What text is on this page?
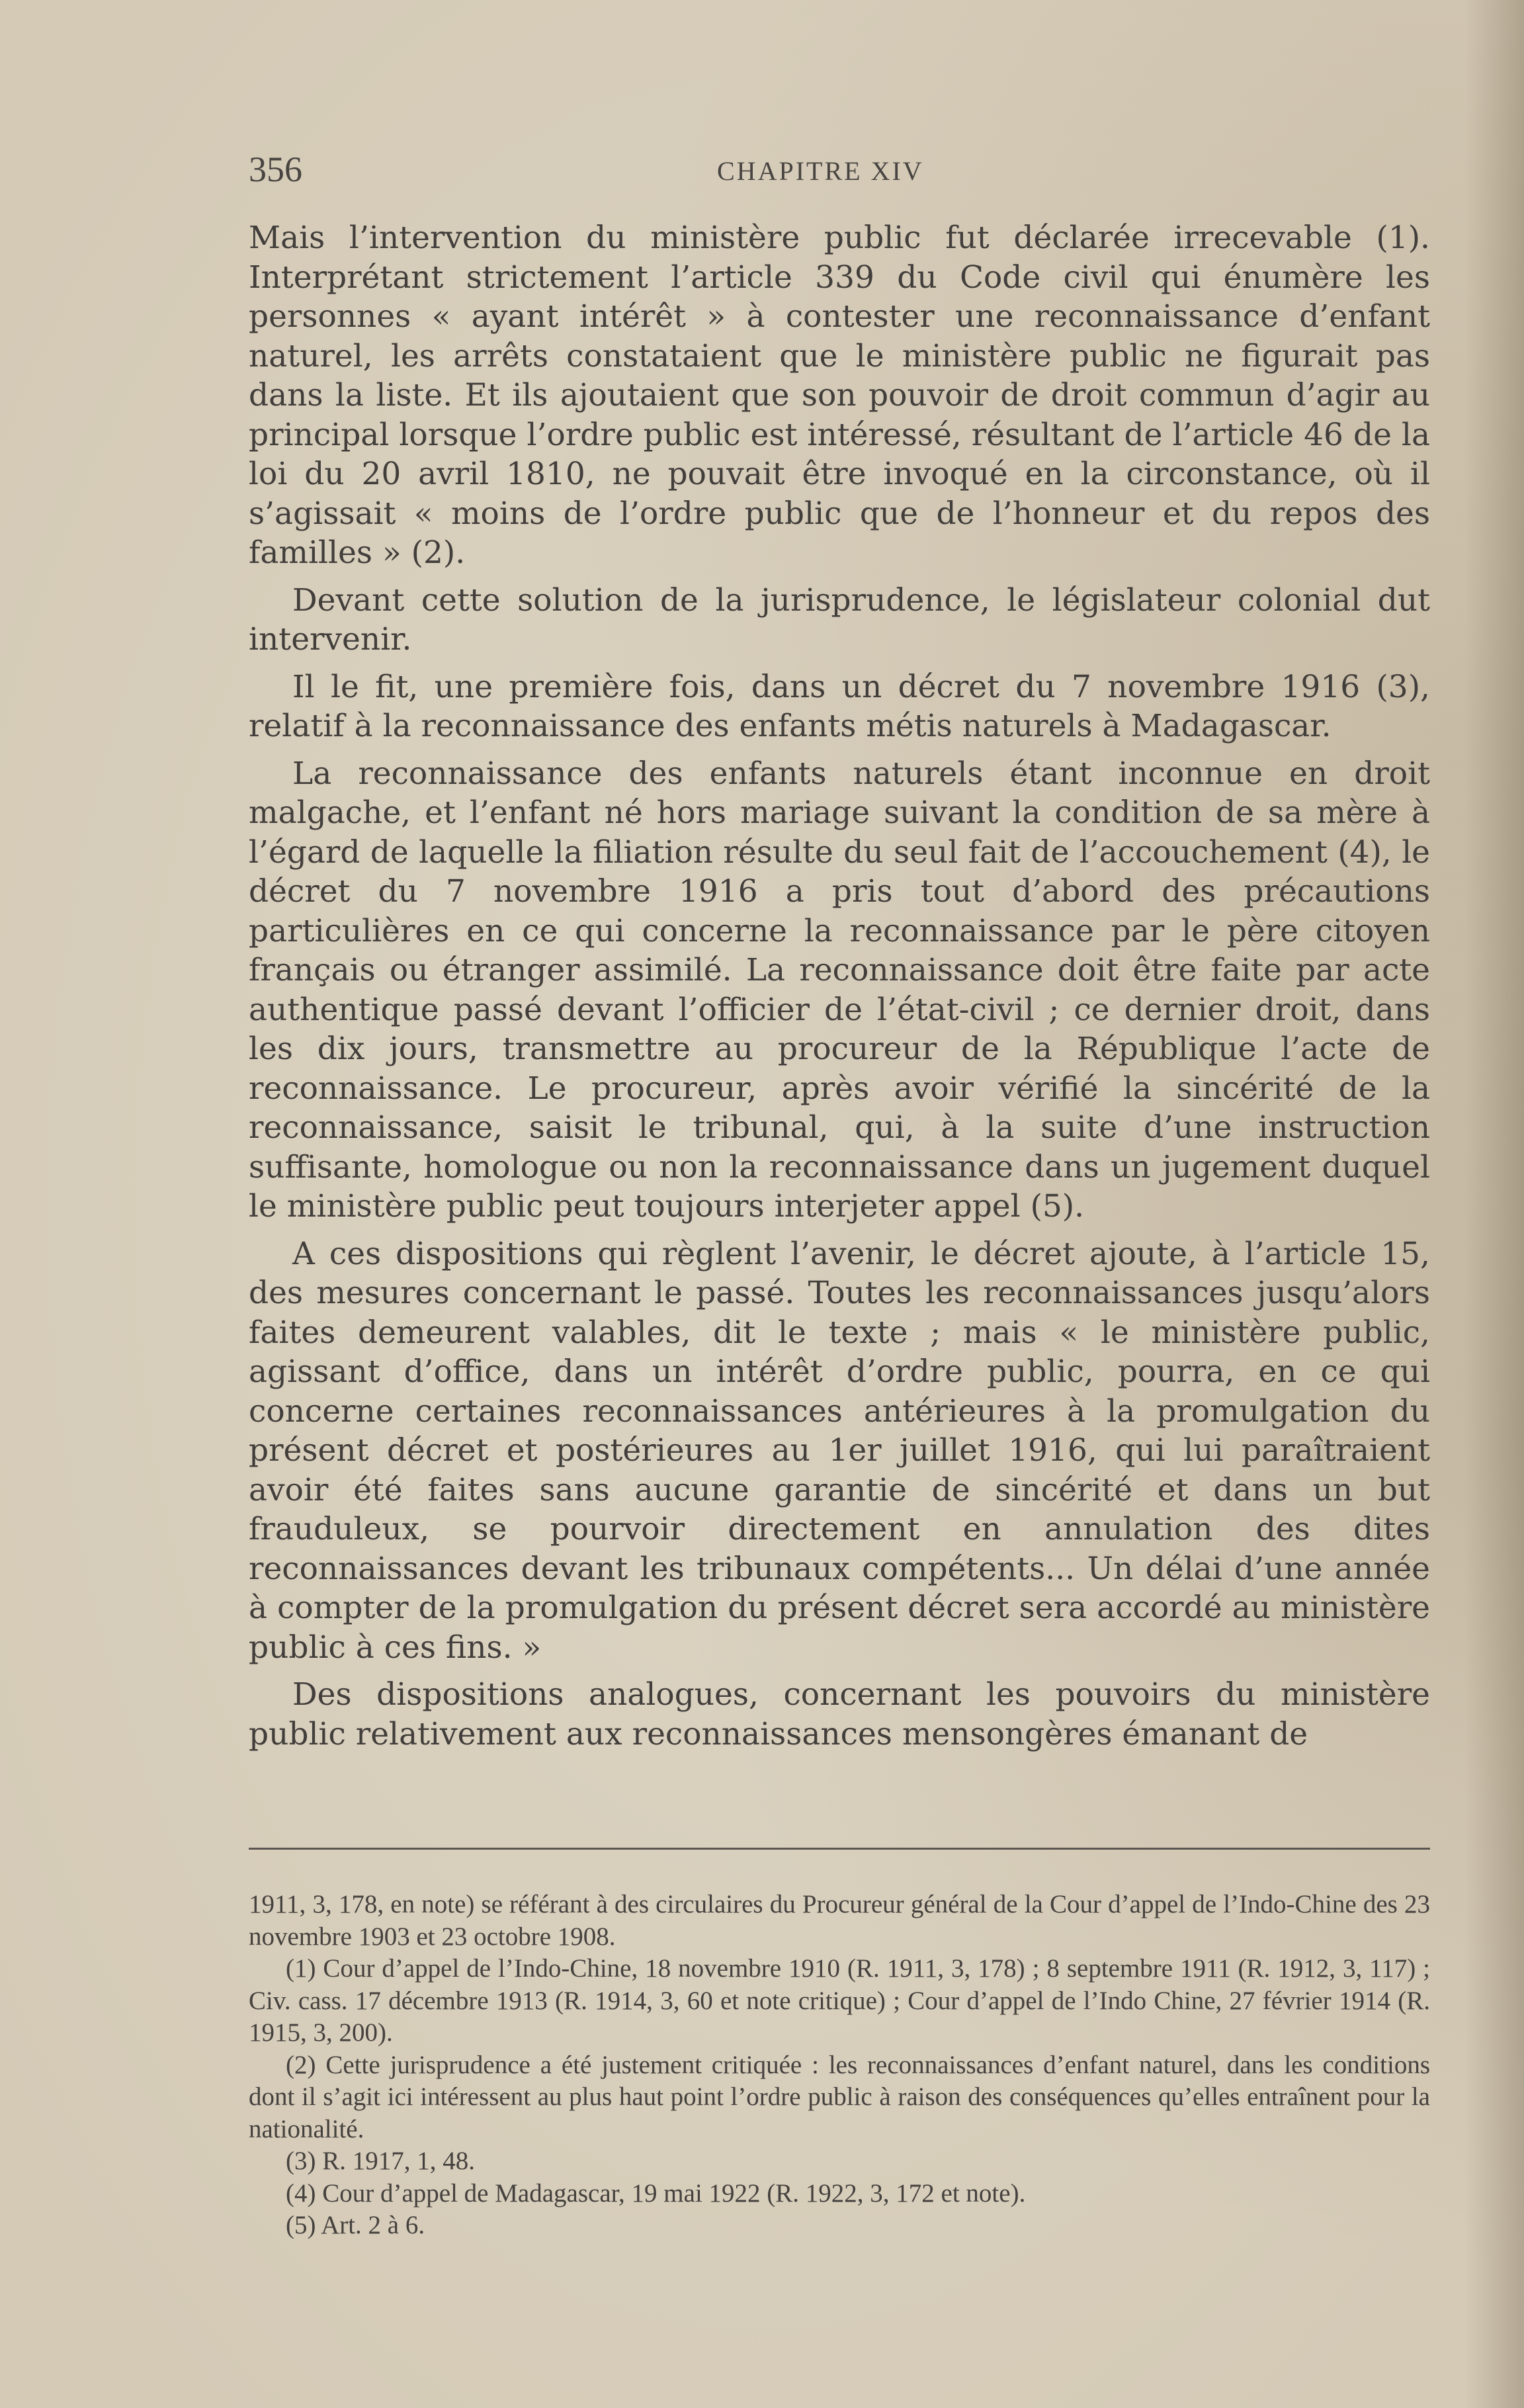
356	CHAPITRE XIV

Mais l’intervention du ministère public fut déclarée irrecevable (1). Interprétant strictement l’article 339 du Code civil qui énumère les personnes « ayant intérêt » à contester une reconnaissance d’enfant naturel, les arrêts constataient que le ministère public ne figurait pas dans la liste. Et ils ajoutaient que son pouvoir de droit commun d’agir au principal lorsque l’ordre public est intéressé, résultant de l’article 46 de la loi du 20 avril 1810, ne pouvait être invoqué en la circonstance, où il s’agissait « moins de l’ordre public que de l’honneur et du repos des familles » (2).

Devant cette solution de la jurisprudence, le législateur colonial dut intervenir.

Il le fit, une première fois, dans un décret du 7 novembre 1916 (3), relatif à la reconnaissance des enfants métis naturels à Madagascar.

La reconnaissance des enfants naturels étant inconnue en droit malgache, et l’enfant né hors mariage suivant la condition de sa mère à l’égard de laquelle la filiation résulte du seul fait de l’accouchement (4), le décret du 7 novembre 1916 a pris tout d’abord des précautions particulières en ce qui concerne la reconnaissance par le père citoyen français ou étranger assimilé. La reconnaissance doit être faite par acte authentique passé devant l’officier de l’état-civil ; ce dernier droit, dans les dix jours, transmettre au procureur de la République l’acte de reconnaissance. Le procureur, après avoir vérifié la sincérité de la reconnaissance, saisit le tribunal, qui, à la suite d’une instruction suffisante, homologue ou non la reconnaissance dans un jugement duquel le ministère public peut toujours interjeter appel (5).

A ces dispositions qui règlent l’avenir, le décret ajoute, à l’article 15, des mesures concernant le passé. Toutes les reconnaissances jusqu’alors faites demeurent valables, dit le texte ; mais « le ministère public, agissant d’office, dans un intérêt d’ordre public, pourra, en ce qui concerne certaines reconnaissances antérieures à la promulgation du présent décret et postérieures au 1er juillet 1916, qui lui paraîtraient avoir été faites sans aucune garantie de sincérité et dans un but frauduleux, se pourvoir directement en annulation des dites reconnaissances devant les tribunaux compétents... Un délai d’une année à compter de la promulgation du présent décret sera accordé au ministère public à ces fins. »

Des dispositions analogues, concernant les pouvoirs du ministère public relativement aux reconnaissances mensongères émanant de

1911, 3, 178, en note) se référant à des circulaires du Procureur général de la Cour d’appel de l’Indo-Chine des 23 novembre 1903 et 23 octobre 1908.

(1) Cour d’appel de l’Indo-Chine, 18 novembre 1910 (R. 1911, 3, 178) ; 8 septembre 1911 (R. 1912, 3, 117) ; Civ. cass. 17 décembre 1913 (R. 1914, 3, 60 et note critique) ; Cour d’appel de l’Indo Chine, 27 février 1914 (R. 1915, 3, 200).

(2) Cette jurisprudence a été justement critiquée : les reconnaissances d’enfant naturel, dans les conditions dont il s’agit ici intéressent au plus haut point l’ordre public à raison des conséquences qu’elles entraînent pour la nationalité.

(3) R. 1917, 1, 48.

(4) Cour d’appel de Madagascar, 19 mai 1922 (R. 1922, 3, 172 et note).

(5) Art. 2 à 6.
